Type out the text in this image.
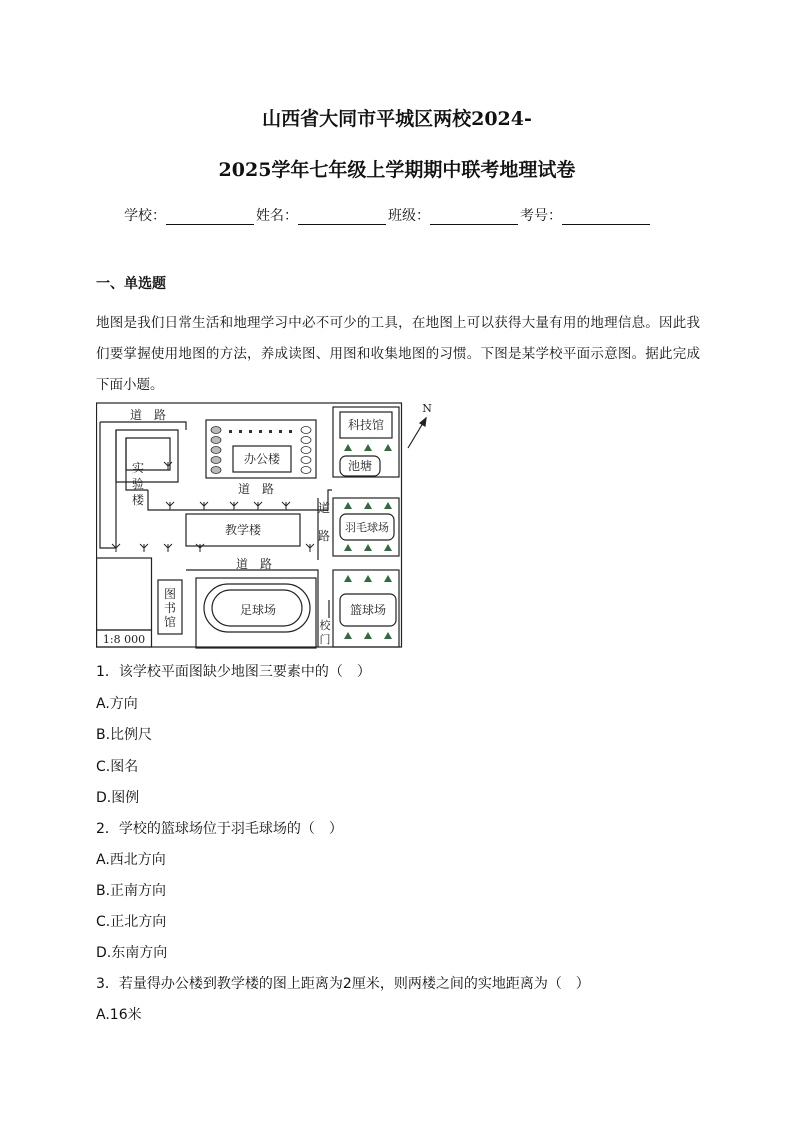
山西省大同市平城区两校2024-
2025学年七年级上学期期中联考地理试卷
学校：	姓名：	班级：	考号：
一、单选题
地图是我们日常生活和地理学习中必不可少的工具，在地图上可以获得大量有用的地理信息。因此我们要掌握使用地图的方法，养成读图、用图和收集地图的习惯。下图是某学校平面示意图。据此完成下面小题。
道　路
道　路
道
路
道　路
实
验
楼
办公楼
教学楼
科技馆
池塘
羽毛球场
图
书
馆
足球场	篮球场
校
门
1:8 000
N
1．该学校平面图缺少地图三要素中的（　）
A.方向
B.比例尺
C.图名
D.图例
2．学校的篮球场位于羽毛球场的（　）
A.西北方向
B.正南方向
C.正北方向
D.东南方向
3．若量得办公楼到教学楼的图上距离为2厘米，则两楼之间的实地距离为（　）
A.16米
